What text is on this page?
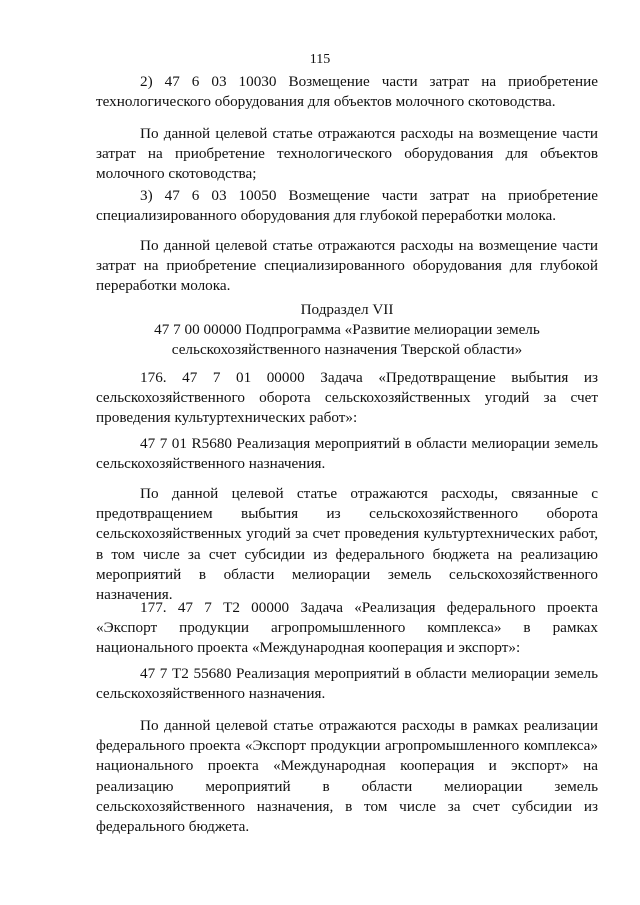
115

2) 47 6 03 10030 Возмещение части затрат на приобретение технологического оборудования для объектов молочного скотоводства.

По данной целевой статье отражаются расходы на возмещение части затрат на приобретение технологического оборудования для объектов молочного скотоводства;

3) 47 6 03 10050 Возмещение части затрат на приобретение специализированного оборудования для глубокой переработки молока.

По данной целевой статье отражаются расходы на возмещение части затрат на приобретение специализированного оборудования для глубокой переработки молока.

Подраздел VII

47 7 00 00000 Подпрограмма «Развитие мелиорации земель

сельскохозяйственного назначения Тверской области»

176. 47 7 01 00000 Задача «Предотвращение выбытия из сельскохозяйственного оборота сельскохозяйственных угодий за счет проведения культуртехнических работ»:

47 7 01 R5680 Реализация мероприятий в области мелиорации земель сельскохозяйственного назначения.

По данной целевой статье отражаются расходы, связанные с предотвращением выбытия из сельскохозяйственного оборота сельскохозяйственных угодий за счет проведения культуртехнических работ, в том числе за счет субсидии из федерального бюджета на реализацию мероприятий в области мелиорации земель сельскохозяйственного назначения.

177. 47 7 Т2 00000 Задача «Реализация федерального проекта «Экспорт продукции агропромышленного комплекса» в рамках национального проекта «Международная кооперация и экспорт»:

47 7 Т2 55680 Реализация мероприятий в области мелиорации земель сельскохозяйственного назначения.

По данной целевой статье отражаются расходы в рамках реализации федерального проекта «Экспорт продукции агропромышленного комплекса» национального проекта «Международная кооперация и экспорт» на реализацию мероприятий в области мелиорации земель сельскохозяйственного назначения, в том числе за счет субсидии из федерального бюджета.
